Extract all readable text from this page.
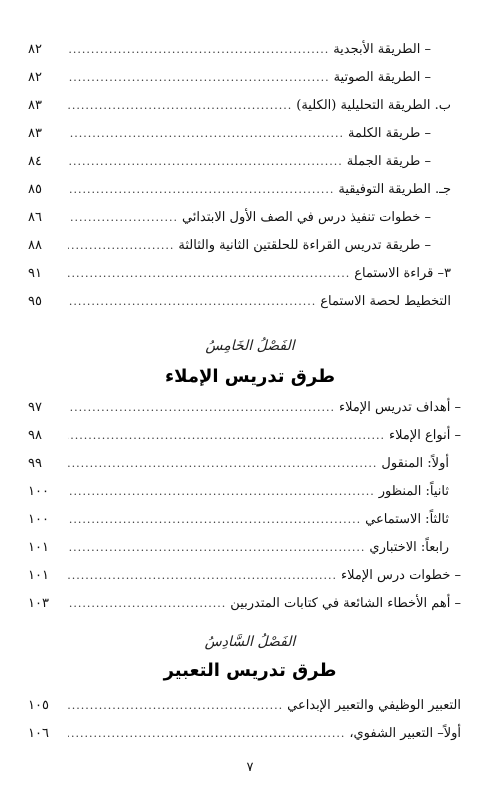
– الطريقة الأبجدية
.....
٨٢
– الطريقة الصوتية
.....
٨٢
ب. الطريقة التحليلية (الكلية)
.....
٨٣
– طريقة الكلمة
.....
٨٣
– طريقة الجملة
.....
٨٤
جـ. الطريقة التوفيقية
.....
٨٥
– خطوات تنفيذ درس في الصف الأول الابتدائي
.....
٨٦
– طريقة تدريس القراءة للحلقتين الثانية والثالثة
.....
٨٨
٣– قراءة الاستماع
.....
٩١
التخطيط لحصة الاستماع
.....
٩٥
الفَصْلُ الخَامِسُ
طرق تدريس الإملاء
– أهداف تدريس الإملاء
.....
٩٧
– أنواع الإملاء
.....
٩٨
أولاً: المنقول
.....
٩٩
ثانياً: المنظور
.....
١٠٠
ثالثاً: الاستماعي
.....
١٠٠
رابعاً: الاختباري
.....
١٠١
– خطوات درس الإملاء
.....
١٠١
– أهم الأخطاء الشائعة في كتابات المتدربين
.....
١٠٣
الفَصْلُ السَّادِسُ
طرق تدريس التعبير
التعبير الوظيفي والتعبير الإبداعي
.....
١٠٥
أولاً– التعبير الشفوي،
.....
١٠٦
٧
